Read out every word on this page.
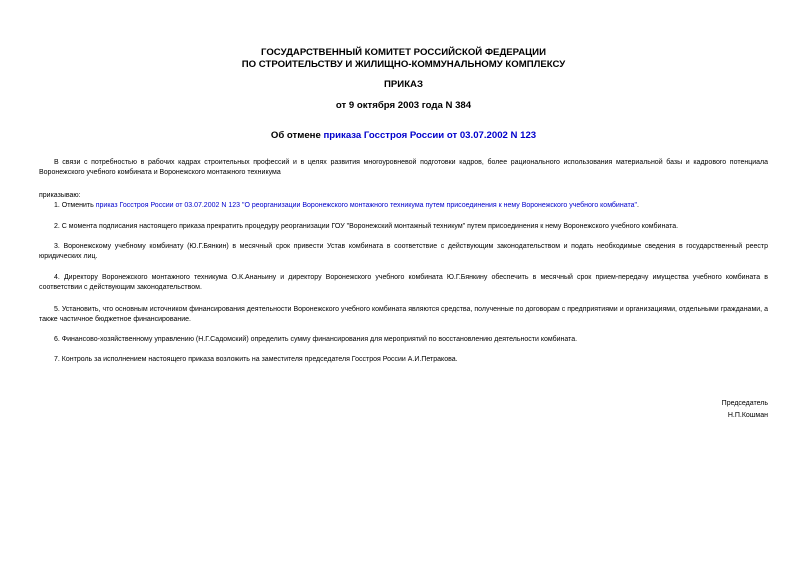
ГОСУДАРСТВЕННЫЙ КОМИТЕТ РОССИЙСКОЙ ФЕДЕРАЦИИ
ПО СТРОИТЕЛЬСТВУ И ЖИЛИЩНО-КОММУНАЛЬНОМУ КОМПЛЕКСУ
ПРИКАЗ
от 9 октября 2003 года N 384
Об отмене приказа Госстроя России от 03.07.2002 N 123
В связи с потребностью в рабочих кадрах строительных профессий и в целях развития многоуровневой подготовки кадров, более рационального использования материальной базы и кадрового потенциала Воронежского учебного комбината и Воронежского монтажного техникума
приказываю:
1. Отменить приказ Госстроя России от 03.07.2002 N 123 "О реорганизации Воронежского монтажного техникума путем присоединения к нему Воронежского учебного комбината".
2. С момента подписания настоящего приказа прекратить процедуру реорганизации ГОУ "Воронежский монтажный техникум" путем присоединения к нему Воронежского учебного комбината.
3. Воронежскому учебному комбинату (Ю.Г.Бянкин) в месячный срок привести Устав комбината в соответствие с действующим законодательством и подать необходимые сведения в государственный реестр юридических лиц.
4. Директору Воронежского монтажного техникума О.К.Ананьину и директору Воронежского учебного комбината Ю.Г.Бянкину обеспечить в месячный срок прием-передачу имущества учебного комбината в соответствии с действующим законодательством.
5. Установить, что основным источником финансирования деятельности Воронежского учебного комбината являются средства, полученные по договорам с предприятиями и организациями, отдельными гражданами, а также частичное бюджетное финансирование.
6. Финансово-хозяйственному управлению (Н.Г.Садомский) определить сумму финансирования для мероприятий по восстановлению деятельности комбината.
7. Контроль за исполнением настоящего приказа возложить на заместителя председателя Госстроя России А.И.Петракова.
Председатель
Н.П.Кошман
